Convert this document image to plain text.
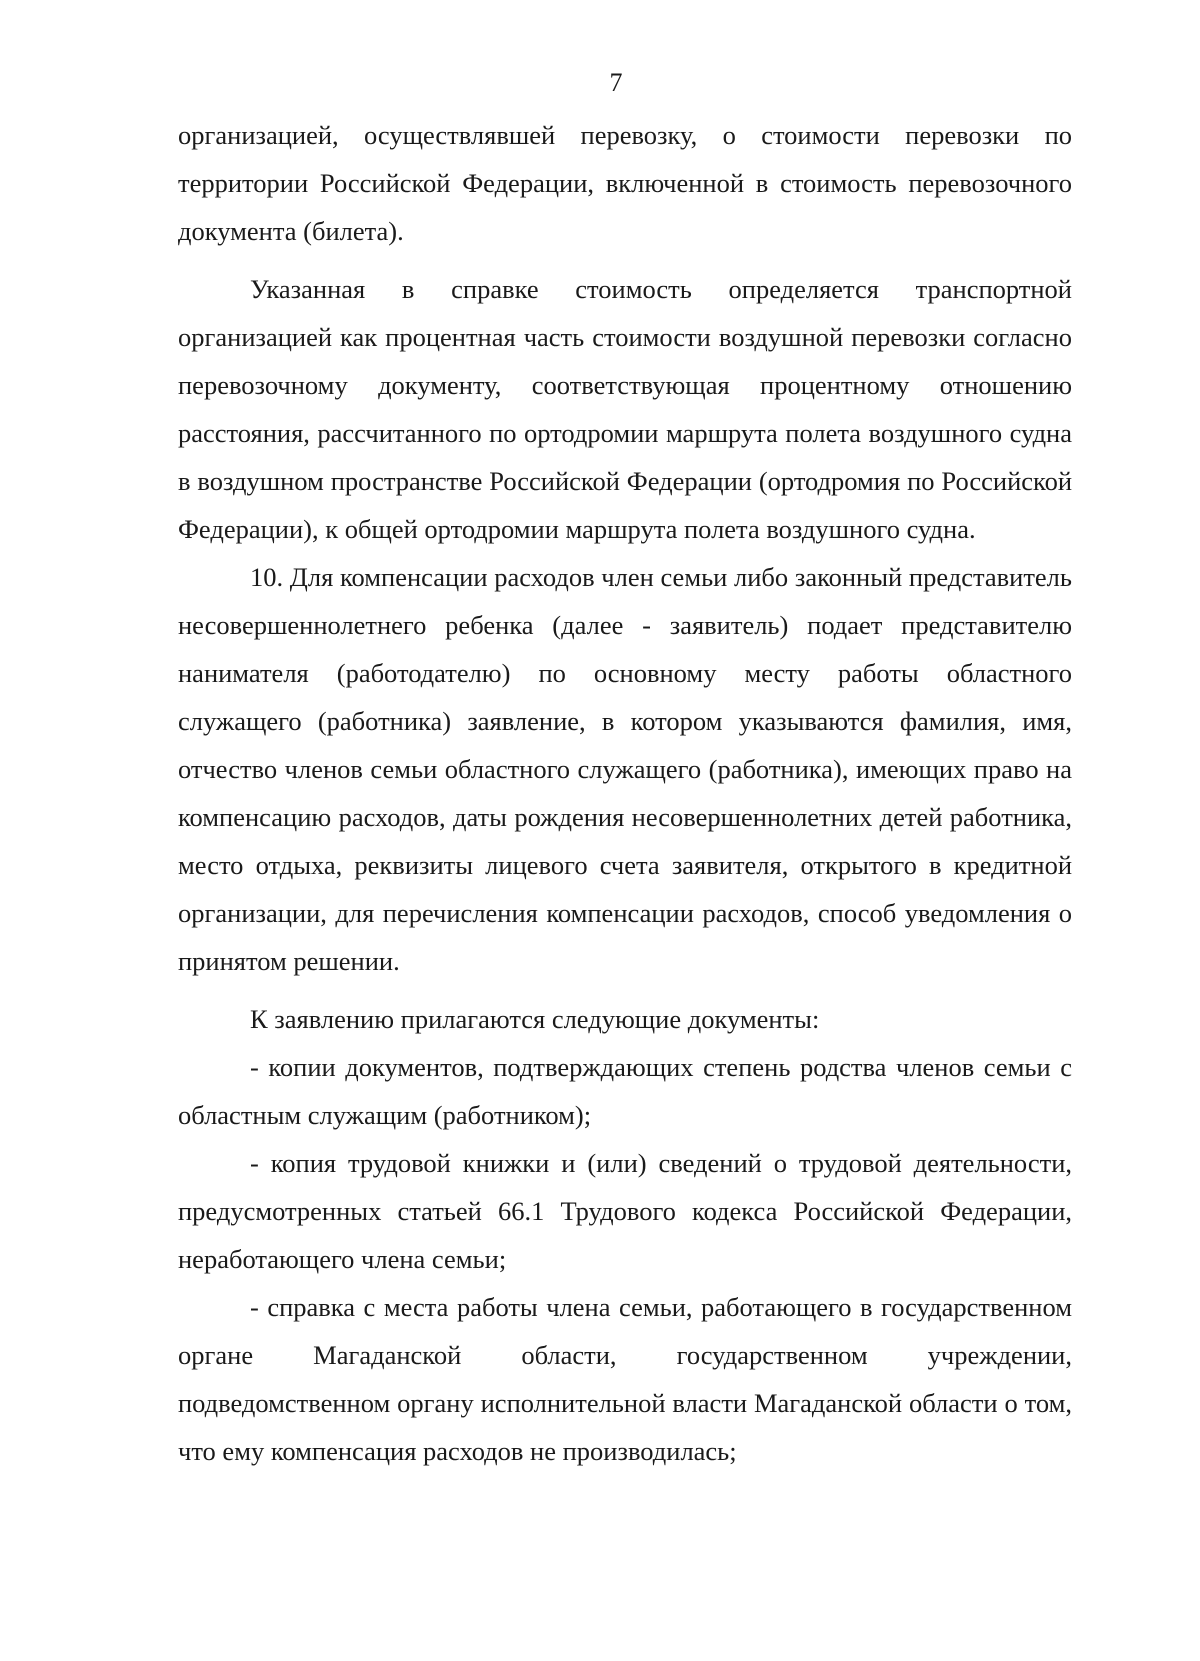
7

организацией, осуществлявшей перевозку, о стоимости перевозки по территории Российской Федерации, включенной в стоимость перевозочного документа (билета).

Указанная в справке стоимость определяется транспортной организацией как процентная часть стоимости воздушной перевозки согласно перевозочному документу, соответствующая процентному отношению расстояния, рассчитанного по ортодромии маршрута полета воздушного судна в воздушном пространстве Российской Федерации (ортодромия по Российской Федерации), к общей ортодромии маршрута полета воздушного судна.

10. Для компенсации расходов член семьи либо законный представитель несовершеннолетнего ребенка (далее - заявитель) подает представителю нанимателя (работодателю) по основному месту работы областного служащего (работника) заявление, в котором указываются фамилия, имя, отчество членов семьи областного служащего (работника), имеющих право на компенсацию расходов, даты рождения несовершеннолетних детей работника, место отдыха, реквизиты лицевого счета заявителя, открытого в кредитной организации, для перечисления компенсации расходов, способ уведомления о принятом решении.

К заявлению прилагаются следующие документы:

- копии документов, подтверждающих степень родства членов семьи с областным служащим (работником);

- копия трудовой книжки и (или) сведений о трудовой деятельности, предусмотренных статьей 66.1 Трудового кодекса Российской Федерации, неработающего члена семьи;

- справка с места работы члена семьи, работающего в государственном органе Магаданской области, государственном учреждении, подведомственном органу исполнительной власти Магаданской области о том, что ему компенсация расходов не производилась;
